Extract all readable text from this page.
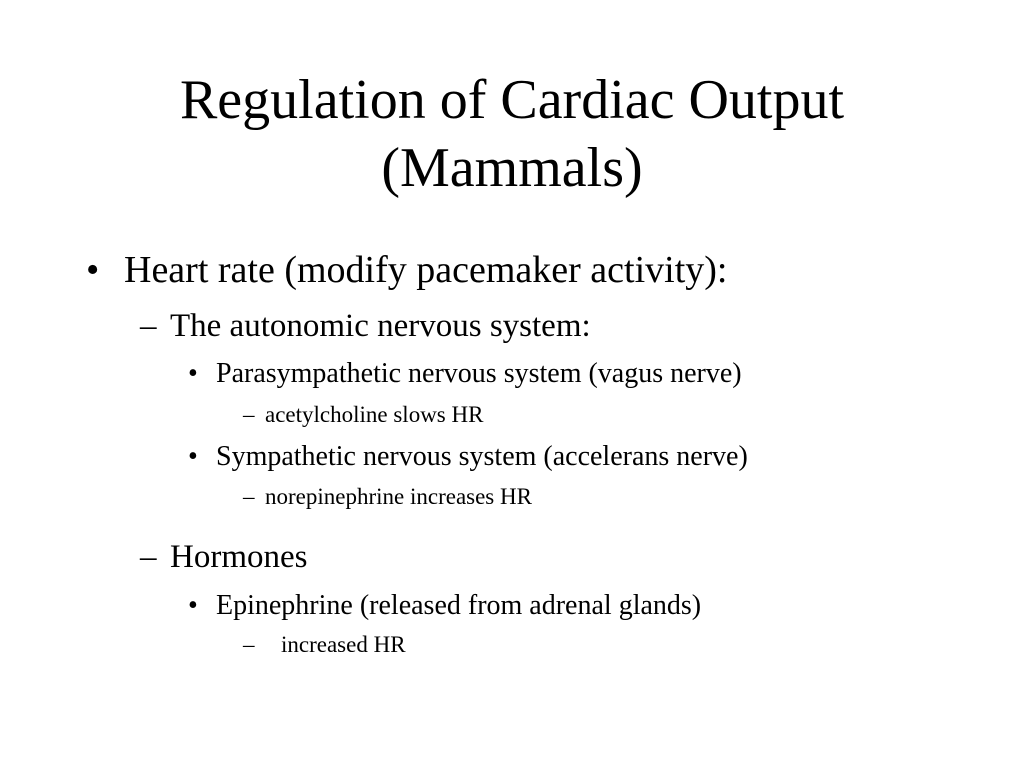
Regulation of Cardiac Output
(Mammals)
• Heart rate (modify pacemaker activity):
– The autonomic nervous system:
• Parasympathetic nervous system (vagus nerve)
– acetylcholine slows HR
• Sympathetic nervous system (accelerans nerve)
– norepinephrine increases HR
– Hormones
• Epinephrine (released from adrenal glands)
– increased HR
